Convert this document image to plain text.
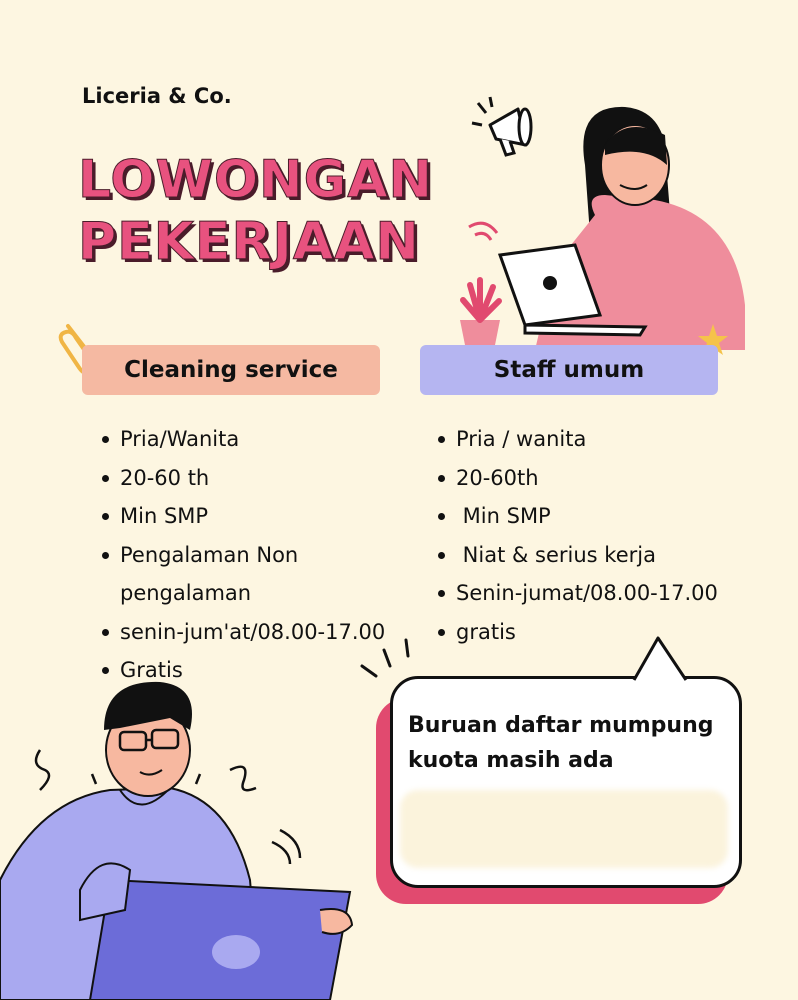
Liceria & Co.
LOWONGAN
PEKERJAAN
Cleaning service	Staff umum
Pria/Wanita
20-60 th
Min SMP
Pengalaman Non pengalaman
senin-jum'at/08.00-17.00
Gratis
Pria / wanita
20-60th
Min SMP
Niat & serius kerja
Senin-jumat/08.00-17.00
gratis
Buruan daftar mumpung
kuota masih ada
